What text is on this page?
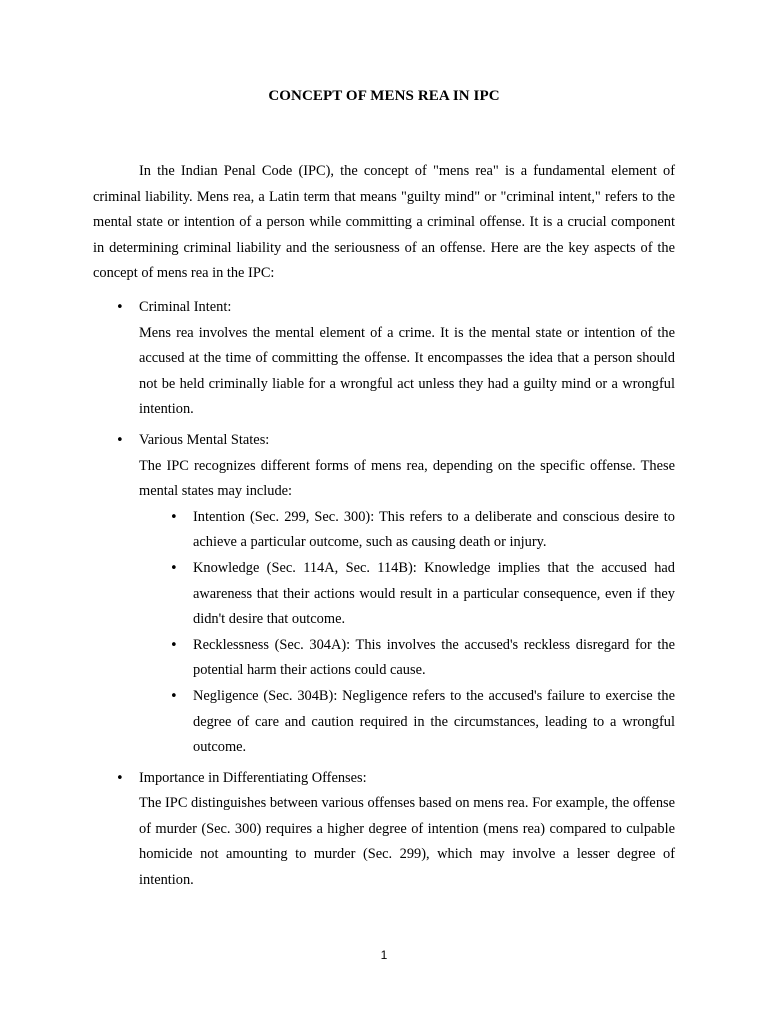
CONCEPT OF MENS REA IN IPC

In the Indian Penal Code (IPC), the concept of "mens rea" is a fundamental element of criminal liability. Mens rea, a Latin term that means "guilty mind" or "criminal intent," refers to the mental state or intention of a person while committing a criminal offense. It is a crucial component in determining criminal liability and the seriousness of an offense. Here are the key aspects of the concept of mens rea in the IPC:

• Criminal Intent:
Mens rea involves the mental element of a crime. It is the mental state or intention of the accused at the time of committing the offense. It encompasses the idea that a person should not be held criminally liable for a wrongful act unless they had a guilty mind or a wrongful intention.
• Various Mental States:
The IPC recognizes different forms of mens rea, depending on the specific offense. These mental states may include:
• Intention (Sec. 299, Sec. 300): This refers to a deliberate and conscious desire to achieve a particular outcome, such as causing death or injury.
• Knowledge (Sec. 114A, Sec. 114B): Knowledge implies that the accused had awareness that their actions would result in a particular consequence, even if they didn't desire that outcome.
• Recklessness (Sec. 304A): This involves the accused's reckless disregard for the potential harm their actions could cause.
• Negligence (Sec. 304B): Negligence refers to the accused's failure to exercise the degree of care and caution required in the circumstances, leading to a wrongful outcome.
• Importance in Differentiating Offenses:
The IPC distinguishes between various offenses based on mens rea. For example, the offense of murder (Sec. 300) requires a higher degree of intention (mens rea) compared to culpable homicide not amounting to murder (Sec. 299), which may involve a lesser degree of intention.
1
